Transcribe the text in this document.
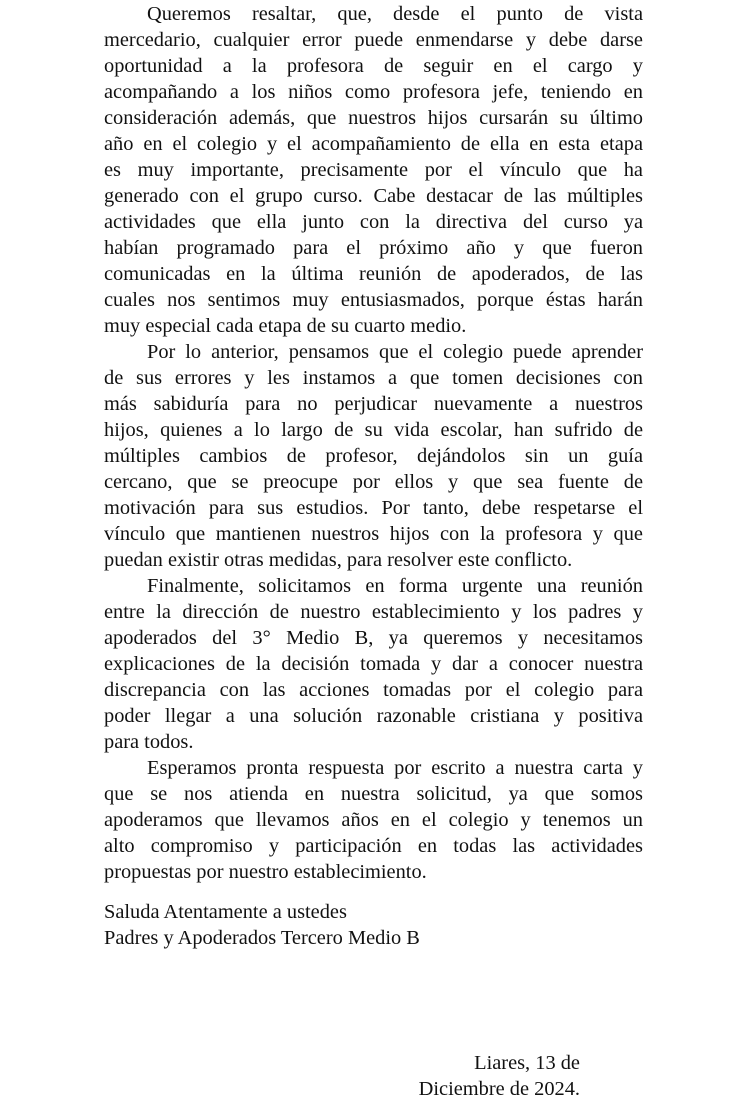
Queremos resaltar, que, desde el punto de vista
mercedario, cualquier error puede enmendarse y debe darse
oportunidad a la profesora de seguir en el cargo y
acompañando a los niños como profesora jefe, teniendo en
consideración además, que nuestros hijos cursarán su último
año en el colegio y el acompañamiento de ella en esta etapa
es muy importante, precisamente por el vínculo que ha
generado con el grupo curso. Cabe destacar de las múltiples
actividades que ella junto con la directiva del curso ya
habían programado para el próximo año y que fueron
comunicadas en la última reunión de apoderados, de las
cuales nos sentimos muy entusiasmados, porque éstas harán
muy especial cada etapa de su cuarto medio.
Por lo anterior, pensamos que el colegio puede aprender
de sus errores y les instamos a que tomen decisiones con
más sabiduría para no perjudicar nuevamente a nuestros
hijos, quienes a lo largo de su vida escolar, han sufrido de
múltiples cambios de profesor, dejándolos sin un guía
cercano, que se preocupe por ellos y que sea fuente de
motivación para sus estudios. Por tanto, debe respetarse el
vínculo que mantienen nuestros hijos con la profesora y que
puedan existir otras medidas, para resolver este conflicto.
Finalmente, solicitamos en forma urgente una reunión
entre la dirección de nuestro establecimiento y los padres y
apoderados del 3° Medio B, ya queremos y necesitamos
explicaciones de la decisión tomada y dar a conocer nuestra
discrepancia con las acciones tomadas por el colegio para
poder llegar a una solución razonable cristiana y positiva
para todos.
Esperamos pronta respuesta por escrito a nuestra carta y
que se nos atienda en nuestra solicitud, ya que somos
apoderamos que llevamos años en el colegio y tenemos un
alto compromiso y participación en todas las actividades
propuestas por nuestro establecimiento.
Saluda Atentamente a ustedes
Padres y Apoderados Tercero Medio B
Liares, 13 de
Diciembre de 2024.
